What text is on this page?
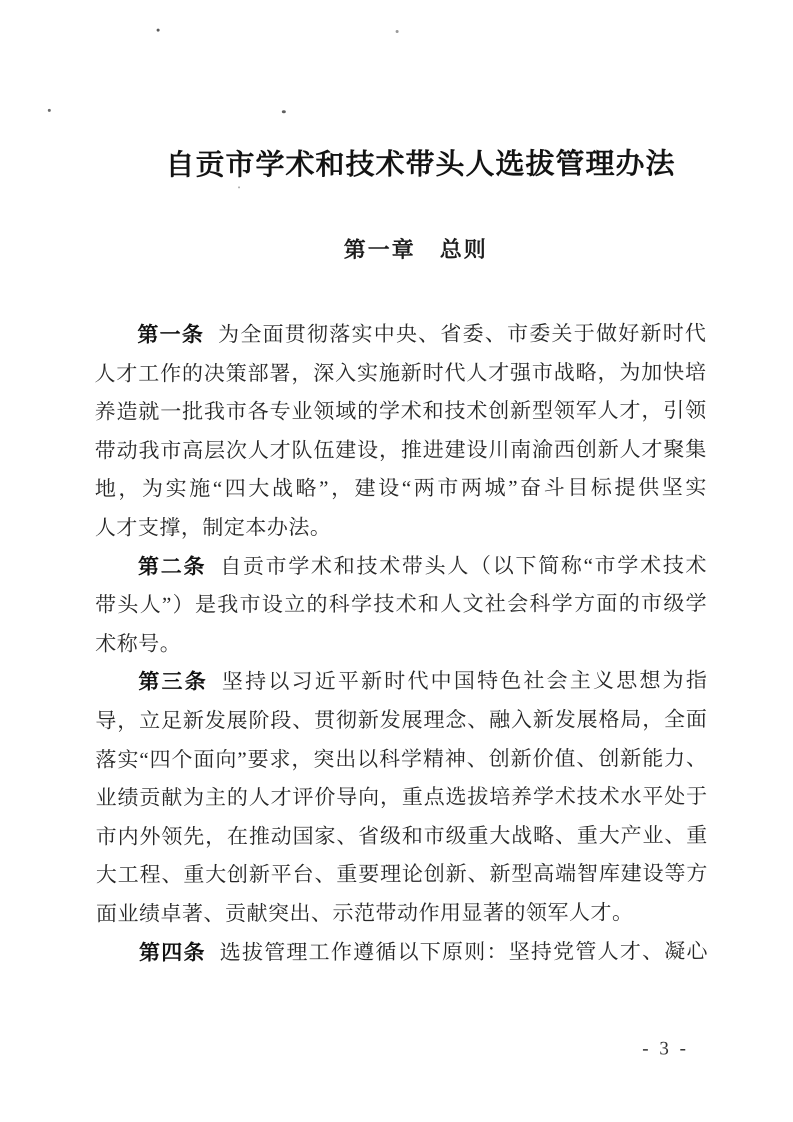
自贡市学术和技术带头人选拔管理办法
第一章　总则
第一条 为全面贯彻落实中央、省委、市委关于做好新时代
人才工作的决策部署，深入实施新时代人才强市战略，为加快培
养造就一批我市各专业领域的学术和技术创新型领军人才，引领
带动我市高层次人才队伍建设，推进建设川南渝西创新人才聚集
地，为实施“四大战略”，建设“两市两城”奋斗目标提供坚实
人才支撑，制定本办法。
第二条 自贡市学术和技术带头人（以下简称“市学术技术
带头人”）是我市设立的科学技术和人文社会科学方面的市级学
术称号。
第三条 坚持以习近平新时代中国特色社会主义思想为指
导，立足新发展阶段、贯彻新发展理念、融入新发展格局，全面
落实“四个面向”要求，突出以科学精神、创新价值、创新能力、
业绩贡献为主的人才评价导向，重点选拔培养学术技术水平处于
市内外领先，在推动国家、省级和市级重大战略、重大产业、重
大工程、重大创新平台、重要理论创新、新型高端智库建设等方
面业绩卓著、贡献突出、示范带动作用显著的领军人才。
第四条 选拔管理工作遵循以下原则：坚持党管人才、凝心
- 3 -
